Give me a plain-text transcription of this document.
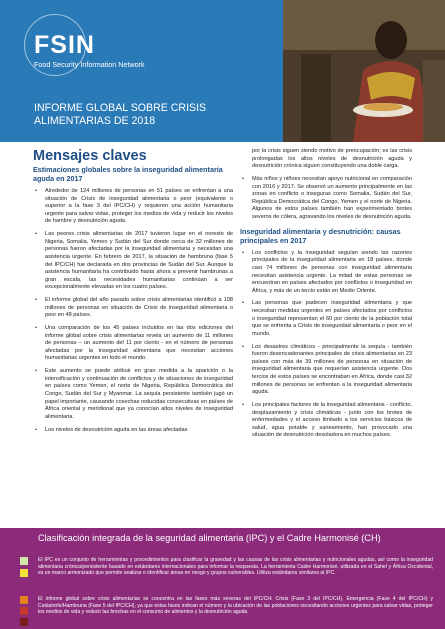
FSIN
Food Security Information Network
INFORME GLOBAL SOBRE CRISIS
ALIMENTARIAS DE 2018
Mensajes claves
Estimaciones globales sobre la inseguridad alimentaria aguda en 2017
• Alrededor de 124 millones de personas en 51 países se enfrentan a una situación de Crisis de inseguridad alimentaria o peor (equivalente o superior a la fase 3 del IPC/CH) y requieren una acción humanitaria urgente para salvar vidas, proteger los medios de vida y reducir los niveles de hambre y desnutrición aguda.
• Las peores crisis alimentarias de 2017 tuvieron lugar en el noreste de Nigeria, Somalia, Yemen y Sudán del Sur donde cerca de 32 millones de personas fueron afectadas por la inseguridad alimentaria y necesitan una asistencia urgente. En febrero de 2017, la situación de hambruna (fase 5 del IPC/CH) fue declarada en dos provincias de Sudán del Sur. Aunque la asistencia humanitaria ha contribuido hasta ahora a prevenir hambrunas a gran escala, las necesidades humanitarias continúan a ser excepcionalmente elevadas en los cuatro países.
• El informe global del año pasado sobre crisis alimentarias identificó a 108 millones de personas en situación de Crisis de inseguridad alimentaria o peor en 48 países.
• Una comparación de los 45 países incluidos en las dos ediciones del informe global sobre crisis alimentarias revela un aumento de 11 millones de personas – un aumento del 11 por ciento - en el número de personas afectadas por la inseguridad alimentaria que necesitan acciones humanitarias urgentes en todo el mundo.
• Este aumento se puede atribuir en gran medida a la aparición o la intensificación y continuación de conflictos y de situaciones de inseguridad en países como Yemen, el norte de Nigeria, República Democrática del Congo, Sudán del Sur y Myanmar. La sequía persistente también jugó un papel importante, causando cosechas reducidas consecutivas en países de África oriental y meridional que ya conocían altos niveles de inseguridad alimentaria.
• Los niveles de desnutrición aguda en las áreas afectadas
por la crisis siguen siendo motivo de preocupación; es las crisis prolongadas los altos niveles de desnutrición aguda y desnutrición crónica siguen constituyendo una doble carga.
• Más niños y niñoes necesitan apoyo nutricional en comparación con 2016 y 2017. Se observó un aumento principalmente en las zonas en conflicto o inseguras como Somalia, Sudán del Sur, República Democrática del Congo, Yemen y el norte de Nigeria. Algunos de estos países también han experimentado brotes severos de cólera, agravando los niveles de desnutrición aguda.
Inseguridad alimentaria y desnutrición: causas principales en 2017
• Los conflictos y la inseguridad seguían siendo las razones principales de la inseguridad alimentaria en 18 países, donde casi 74 millones de personas con inseguridad alimentaria necesitan asistencia urgente. La mitad de estas personas se encuentran en países afectados por conflictos o inseguridad en África, y más de un tercio están en Medio Oriente.
• Las personas que padecen inseguridad alimentaria y que necesitan medidas urgentes en países afectados por conflictos o inseguridad representan el 60 por ciento de la población total que se enfrenta a Crisis de inseguridad alimentaria o peor en el mundo.
• Los desastres climáticos - principalmente la sequía - también fueron desencadenantes principales de crisis alimentarias en 23 países con más de 39 millones de personas en situación de inseguridad alimentaria que requerían asistencia urgente. Dos tercios de estos países se encontraban en África, donde casi 32 millones de personas se enfrentan a la inseguridad alimentaria aguda.
• Los principales factores de la inseguridad alimentaria - conflicto, desplazamiento y crisis climáticas - junto con los brotes de enfermedades y el acceso limitado a los servicios básicos de salud, agua potable y saneamiento, han provocado una situación de desnutrición desoladora en muchos países.
Clasificación integrada de la seguridad alimentaria (IPC) y el Cadre Harmonisé (CH)
El IPC es un conjunto de herramientas y procedimientos para clasificar la gravedad y las causas de las crisis alimentarias y nutricionales agudas, así como la inseguridad alimentaria crónica/persistente basado en estándares internacionales para informar la respuesta. La herramienta Cadre Harmonisé, utilizada en el Sahel y África Occidental, es un marco armonizado que permite analizar e identificar áreas en riesgo y grupos vulnerables. Utiliza estándares similares al IPC.
El informe global sobre crisis alimentarias se concentra en las fases más severas del IPC/CH: Crisis (Fase 3 del IPC/CH), Emergencia (Fase 4 del IPC/CH) y Catástrofe/Hambruna (Fase 5 del IPC/CH), ya que estas fases indican el número y la ubicación de las poblaciones necesitando acciones urgentes para salvar vidas, proteger los medios de vida y reducir las brechas en el consumo de alimentos y la desnutrición aguda.
